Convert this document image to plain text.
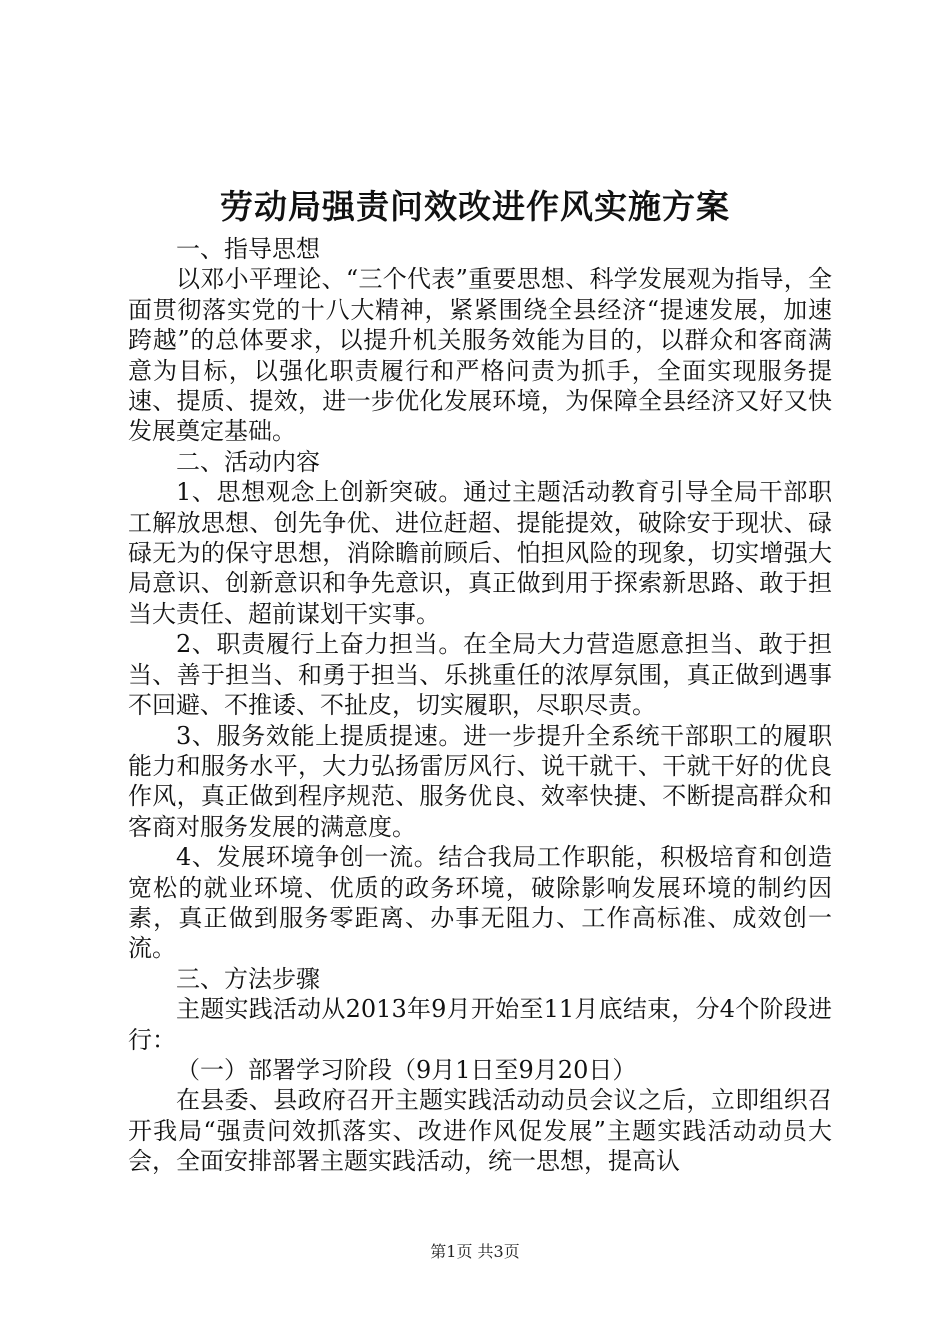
劳动局强责问效改进作风实施方案

一、指导思想

以邓小平理论、“三个代表”重要思想、科学发展观为指导，全面贯彻落实党的十八大精神，紧紧围绕全县经济“提速发展，加速跨越”的总体要求，以提升机关服务效能为目的，以群众和客商满意为目标，以强化职责履行和严格问责为抓手，全面实现服务提速、提质、提效，进一步优化发展环境，为保障全县经济又好又快发展奠定基础。

二、活动内容

1、思想观念上创新突破。通过主题活动教育引导全局干部职工解放思想、创先争优、进位赶超、提能提效，破除安于现状、碌碌无为的保守思想，消除瞻前顾后、怕担风险的现象，切实增强大局意识、创新意识和争先意识，真正做到用于探索新思路、敢于担当大责任、超前谋划干实事。

2、职责履行上奋力担当。在全局大力营造愿意担当、敢于担当、善于担当、和勇于担当、乐挑重任的浓厚氛围，真正做到遇事不回避、不推诿、不扯皮，切实履职，尽职尽责。

3、服务效能上提质提速。进一步提升全系统干部职工的履职能力和服务水平，大力弘扬雷厉风行、说干就干、干就干好的优良作风，真正做到程序规范、服务优良、效率快捷、不断提高群众和客商对服务发展的满意度。

4、发展环境争创一流。结合我局工作职能，积极培育和创造宽松的就业环境、优质的政务环境，破除影响发展环境的制约因素，真正做到服务零距离、办事无阻力、工作高标准、成效创一流。

三、方法步骤

主题实践活动从2013年9月开始至11月底结束，分4个阶段进行：

（一）部署学习阶段（9月1日至9月20日）

在县委、县政府召开主题实践活动动员会议之后，立即组织召开我局“强责问效抓落实、改进作风促发展”主题实践活动动员大会，全面安排部署主题实践活动，统一思想，提高认

第1页 共3页
